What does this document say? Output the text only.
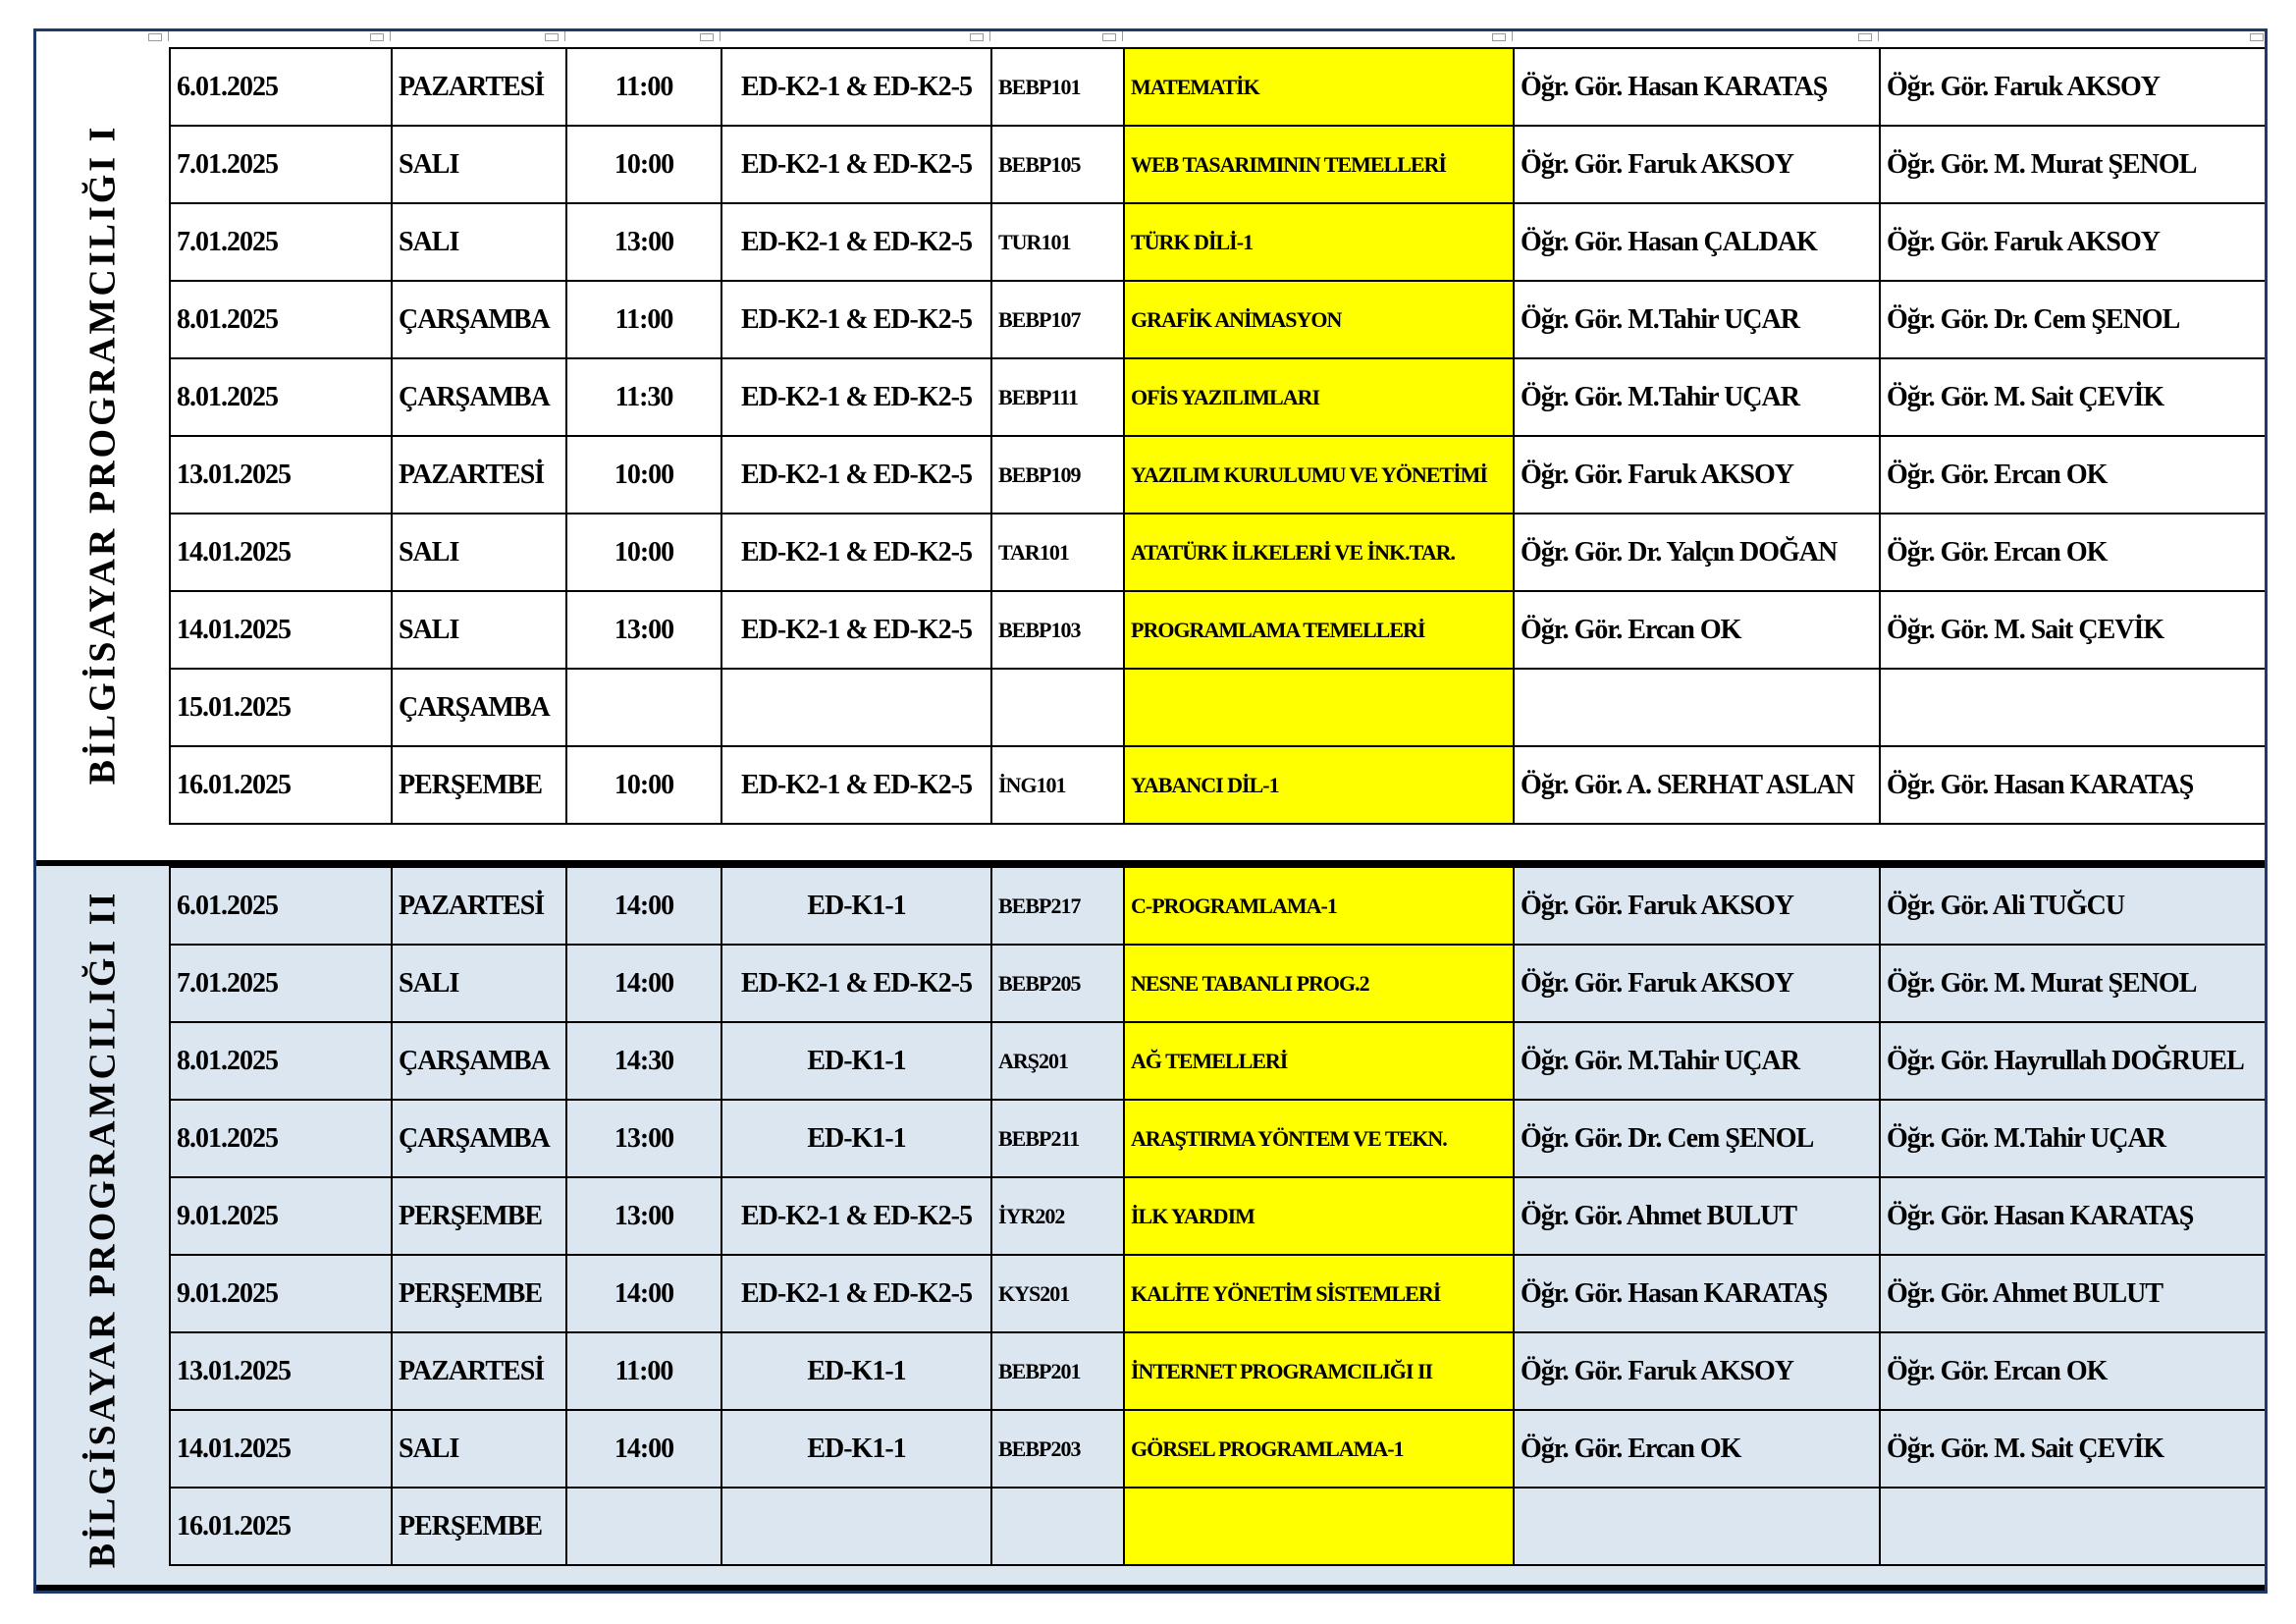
BİLGİSAYAR PROGRAMCILIĞI I
6.01.2025	PAZARTESİ	11:00	ED-K2-1 & ED-K2-5	BEBP101	MATEMATİK	Öğr. Gör. Hasan KARATAŞ	Öğr. Gör. Faruk AKSOY
7.01.2025	SALI	10:00	ED-K2-1 & ED-K2-5	BEBP105	WEB TASARIMININ TEMELLERİ	Öğr. Gör. Faruk AKSOY	Öğr. Gör. M. Murat ŞENOL
7.01.2025	SALI	13:00	ED-K2-1 & ED-K2-5	TUR101	TÜRK DİLİ-1	Öğr. Gör. Hasan ÇALDAK	Öğr. Gör. Faruk AKSOY
8.01.2025	ÇARŞAMBA	11:00	ED-K2-1 & ED-K2-5	BEBP107	GRAFİK ANİMASYON	Öğr. Gör. M.Tahir UÇAR	Öğr. Gör. Dr. Cem ŞENOL
8.01.2025	ÇARŞAMBA	11:30	ED-K2-1 & ED-K2-5	BEBP111	OFİS YAZILIMLARI	Öğr. Gör. M.Tahir UÇAR	Öğr. Gör. M. Sait ÇEVİK
13.01.2025	PAZARTESİ	10:00	ED-K2-1 & ED-K2-5	BEBP109	YAZILIM KURULUMU VE YÖNETİMİ	Öğr. Gör. Faruk AKSOY	Öğr. Gör. Ercan OK
14.01.2025	SALI	10:00	ED-K2-1 & ED-K2-5	TAR101	ATATÜRK İLKELERİ VE İNK.TAR.	Öğr. Gör. Dr. Yalçın DOĞAN	Öğr. Gör. Ercan OK
14.01.2025	SALI	13:00	ED-K2-1 & ED-K2-5	BEBP103	PROGRAMLAMA TEMELLERİ	Öğr. Gör. Ercan OK	Öğr. Gör. M. Sait ÇEVİK
15.01.2025	ÇARŞAMBA						
16.01.2025	PERŞEMBE	10:00	ED-K2-1 & ED-K2-5	İNG101	YABANCI DİL-1	Öğr. Gör. A. SERHAT ASLAN	Öğr. Gör. Hasan KARATAŞ
BİLGİSAYAR PROGRAMCILIĞI II 6.01.2025	PAZARTESİ	14:00	ED-K1-1	BEBP217	C-PROGRAMLAMA-1	Öğr. Gör. Faruk AKSOY	Öğr. Gör. Ali TUĞCU
7.01.2025	SALI	14:00	ED-K2-1 & ED-K2-5	BEBP205	NESNE TABANLI PROG.2	Öğr. Gör. Faruk AKSOY	Öğr. Gör. M. Murat ŞENOL
8.01.2025	ÇARŞAMBA	14:30	ED-K1-1	ARŞ201	AĞ TEMELLERİ	Öğr. Gör. M.Tahir UÇAR	Öğr. Gör. Hayrullah DOĞRUEL
8.01.2025	ÇARŞAMBA	13:00	ED-K1-1	BEBP211	ARAŞTIRMA YÖNTEM VE TEKN.	Öğr. Gör. Dr. Cem ŞENOL	Öğr. Gör. M.Tahir UÇAR
9.01.2025	PERŞEMBE	13:00	ED-K2-1 & ED-K2-5	İYR202	İLK YARDIM	Öğr. Gör. Ahmet BULUT	Öğr. Gör. Hasan KARATAŞ
9.01.2025	PERŞEMBE	14:00	ED-K2-1 & ED-K2-5	KYS201	KALİTE YÖNETİM SİSTEMLERİ	Öğr. Gör. Hasan KARATAŞ	Öğr. Gör. Ahmet BULUT
13.01.2025	PAZARTESİ	11:00	ED-K1-1	BEBP201	İNTERNET PROGRAMCILIĞI II	Öğr. Gör. Faruk AKSOY	Öğr. Gör. Ercan OK
14.01.2025	SALI	14:00	ED-K1-1	BEBP203	GÖRSEL PROGRAMLAMA-1	Öğr. Gör. Ercan OK	Öğr. Gör. M. Sait ÇEVİK
16.01.2025	PERŞEMBE						
